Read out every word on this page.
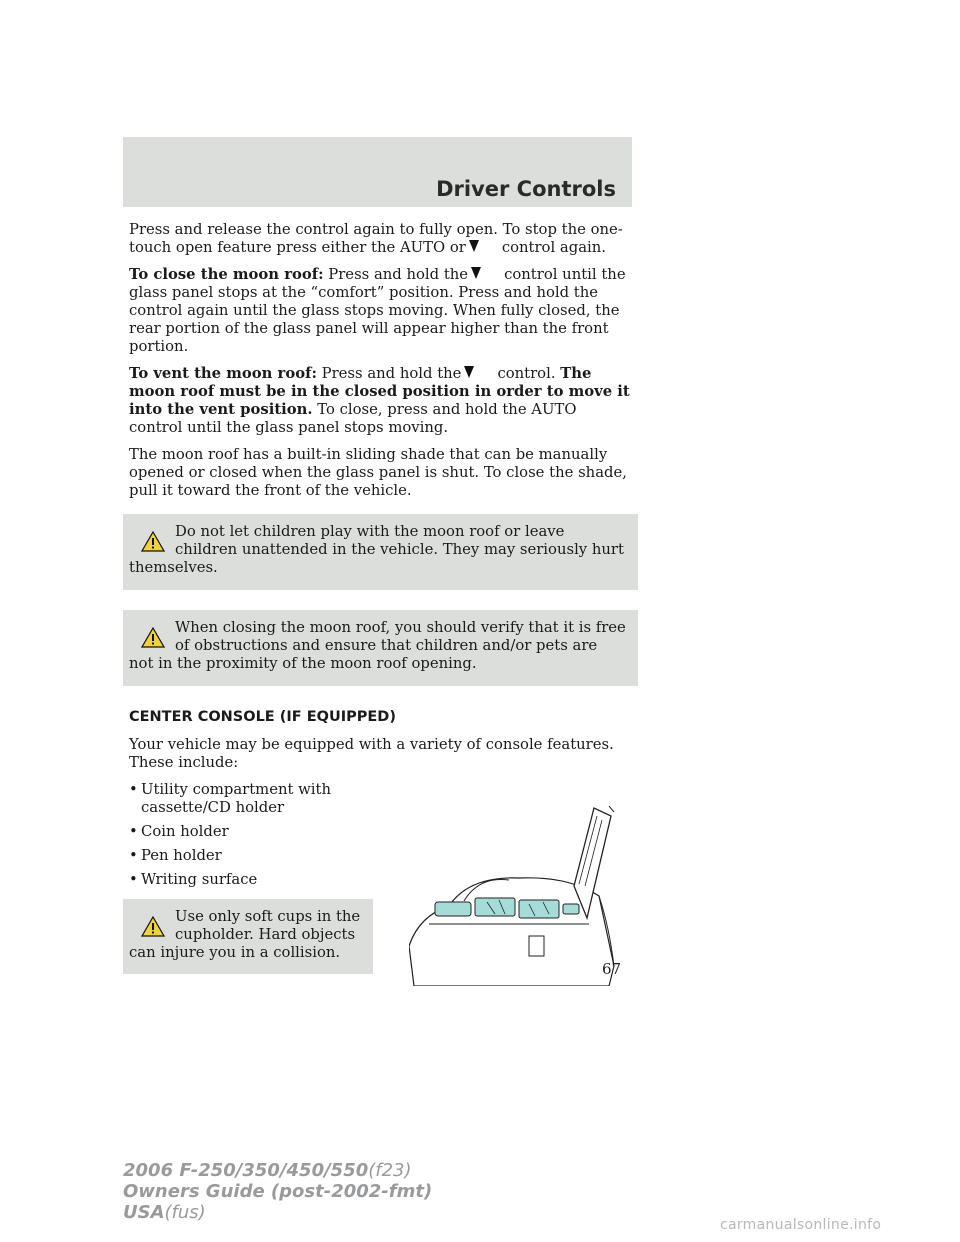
Driver Controls

Press and release the control again to fully open. To stop the one-touch open feature press either the AUTO or control again.

To close the moon roof: Press and hold the control until the glass panel stops at the “comfort” position. Press and hold the control again until the glass stops moving. When fully closed, the rear portion of the glass panel will appear higher than the front portion.

To vent the moon roof: Press and hold the control. The moon roof must be in the closed position in order to move it into the vent position. To close, press and hold the AUTO control until the glass panel stops moving.

The moon roof has a built-in sliding shade that can be manually opened or closed when the glass panel is shut. To close the shade, pull it toward the front of the vehicle.

Do not let children play with the moon roof or leave children unattended in the vehicle. They may seriously hurt themselves.
When closing the moon roof, you should verify that it is free of obstructions and ensure that children and/or pets are not in the proximity of the moon roof opening.
CENTER CONSOLE (IF EQUIPPED)

Your vehicle may be equipped with a variety of console features. These include:

• Utility compartment with cassette/CD holder
• Coin holder
• Pen holder
• Writing surface
Use only soft cups in the cupholder. Hard objects can injure you in a collision.
67
2006 F-250/350/450/550(f23)
Owners Guide (post-2002-fmt)
USA(fus)
carmanualsonline.info
